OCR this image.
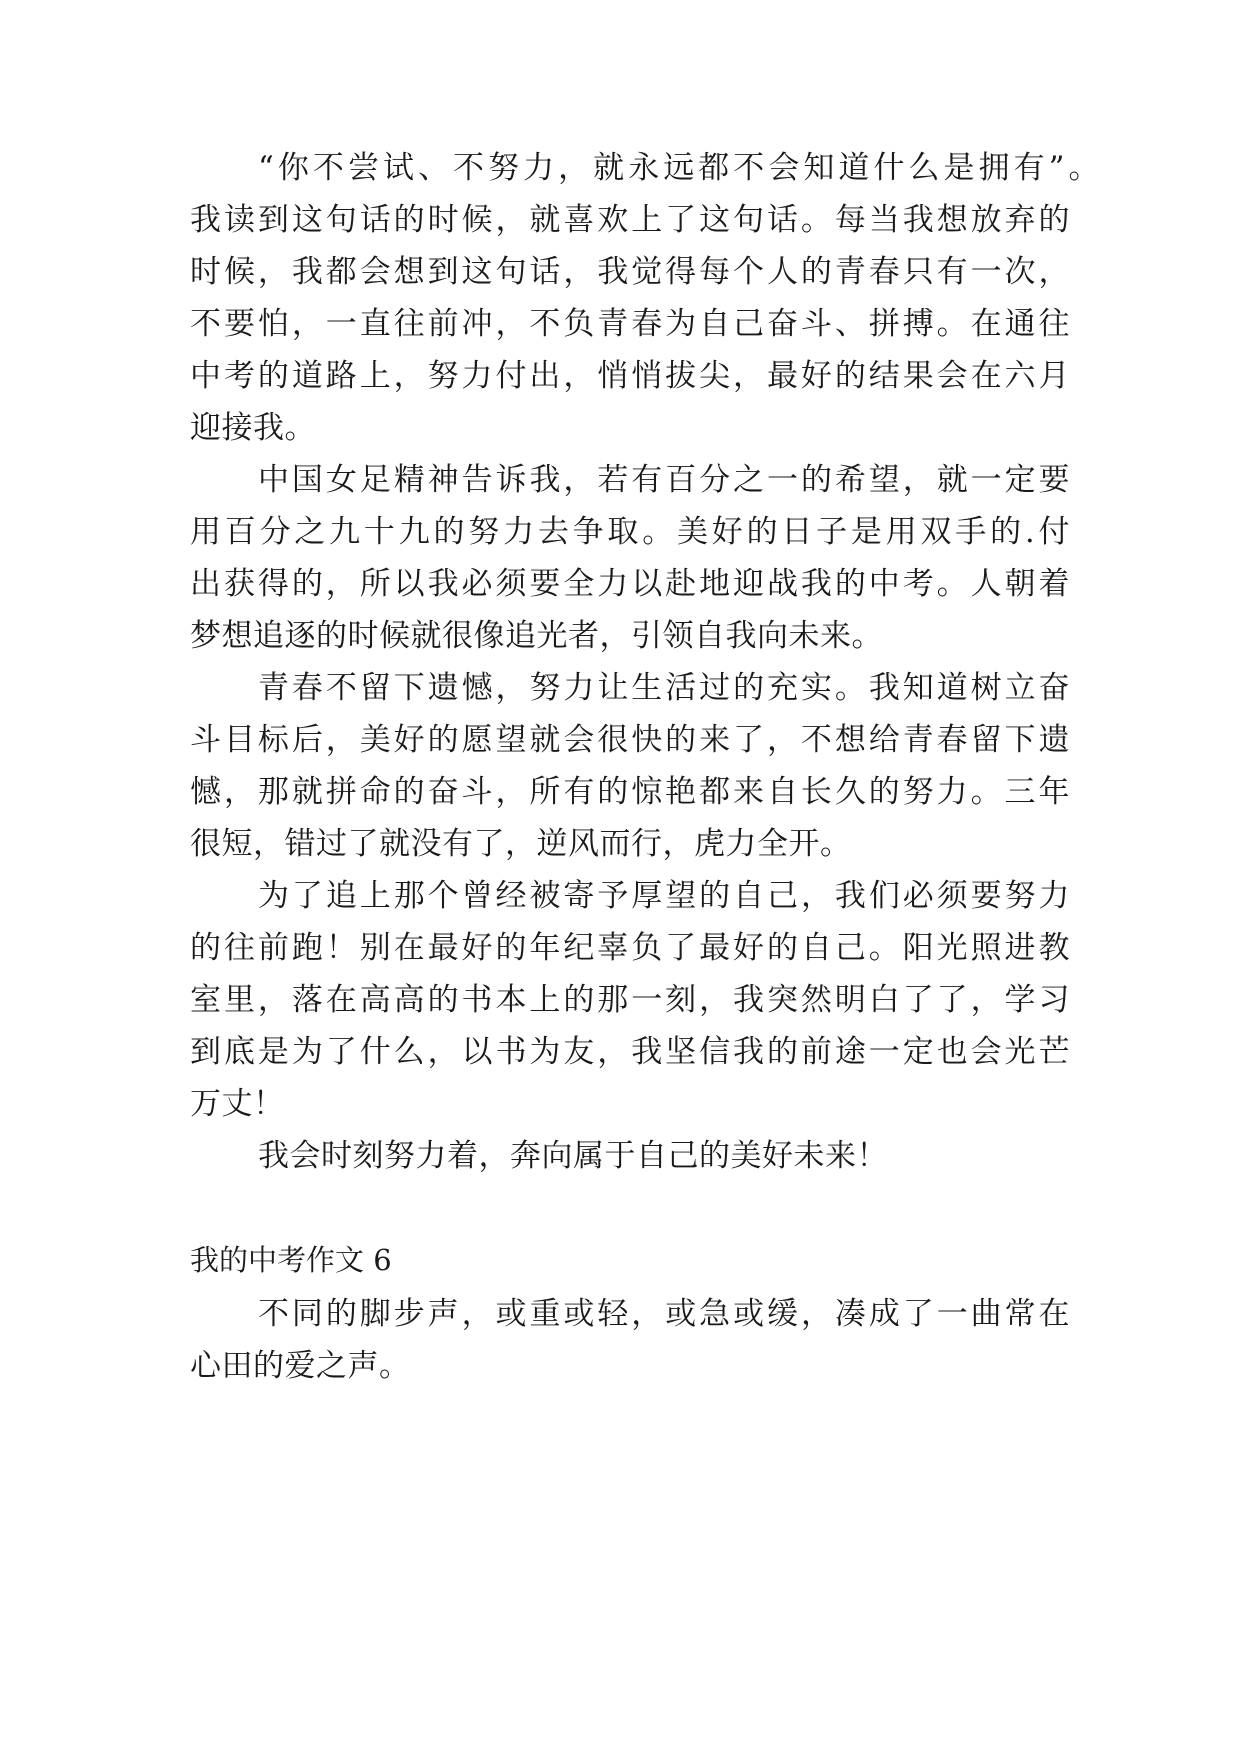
“你不尝试、不努力，就永远都不会知道什么是拥有”。
我读到这句话的时候，就喜欢上了这句话。每当我想放弃的
时候，我都会想到这句话，我觉得每个人的青春只有一次，
不要怕，一直往前冲，不负青春为自己奋斗、拼搏。在通往
中考的道路上，努力付出，悄悄拔尖，最好的结果会在六月
迎接我。
中国女足精神告诉我，若有百分之一的希望，就一定要
用百分之九十九的努力去争取。美好的日子是用双手的.付
出获得的，所以我必须要全力以赴地迎战我的中考。人朝着
梦想追逐的时候就很像追光者，引领自我向未来。
青春不留下遗憾，努力让生活过的充实。我知道树立奋
斗目标后，美好的愿望就会很快的来了，不想给青春留下遗
憾，那就拼命的奋斗，所有的惊艳都来自长久的努力。三年
很短，错过了就没有了，逆风而行，虎力全开。
为了追上那个曾经被寄予厚望的自己，我们必须要努力
的往前跑！别在最好的年纪辜负了最好的自己。阳光照进教
室里，落在高高的书本上的那一刻，我突然明白了了，学习
到底是为了什么，以书为友，我坚信我的前途一定也会光芒
万丈！
我会时刻努力着，奔向属于自己的美好未来！
我的中考作文 6
不同的脚步声，或重或轻，或急或缓，凑成了一曲常在
心田的爱之声。
